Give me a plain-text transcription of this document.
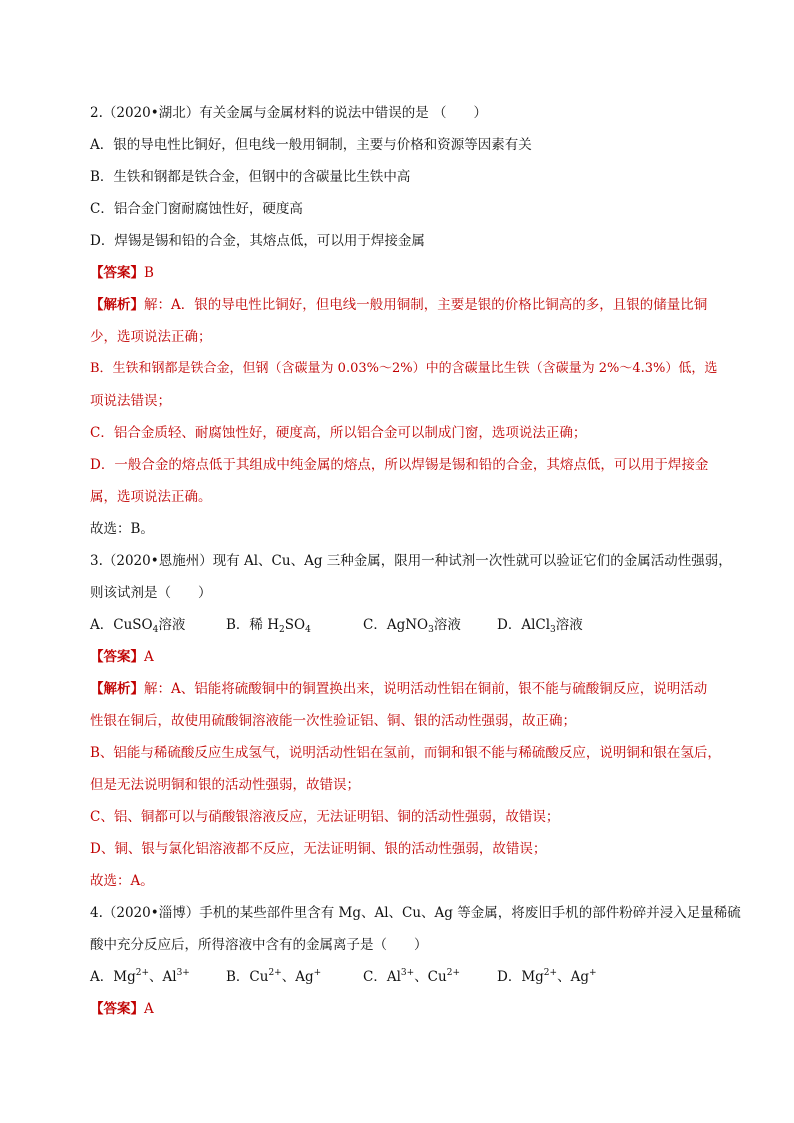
2.（2020•湖北）有关金属与金属材料的说法中错误的是 （　　）
A．银的导电性比铜好，但电线一般用铜制，主要与价格和资源等因素有关
B．生铁和钢都是铁合金，但钢中的含碳量比生铁中高
C．铝合金门窗耐腐蚀性好，硬度高
D．焊锡是锡和铅的合金，其熔点低，可以用于焊接金属
【答案】B
【解析】解：A．银的导电性比铜好，但电线一般用铜制，主要是银的价格比铜高的多，且银的储量比铜
少，选项说法正确；
B．生铁和钢都是铁合金，但钢（含碳量为 0.03%～2%）中的含碳量比生铁（含碳量为 2%～4.3%）低，选
项说法错误；
C．铝合金质轻、耐腐蚀性好，硬度高，所以铝合金可以制成门窗，选项说法正确；
D．一般合金的熔点低于其组成中纯金属的熔点，所以焊锡是锡和铅的合金，其熔点低，可以用于焊接金
属，选项说法正确。
故选：B。
3.（2020•恩施州）现有 Al、Cu、Ag 三种金属，限用一种试剂一次性就可以验证它们的金属活动性强弱，
则该试剂是（　　）
A．CuSO$_4$溶液	B．稀 $H_2SO_4$	C．AgNO$_3$溶液	D．AlCl$_3$溶液
【答案】A
【解析】解：A、铝能将硫酸铜中的铜置换出来，说明活动性铝在铜前，银不能与硫酸铜反应，说明活动
性银在铜后，故使用硫酸铜溶液能一次性验证铝、铜、银的活动性强弱，故正确；
B、铝能与稀硫酸反应生成氢气，说明活动性铝在氢前，而铜和银不能与稀硫酸反应，说明铜和银在氢后，
但是无法说明铜和银的活动性强弱，故错误；
C、铝、铜都可以与硝酸银溶液反应，无法证明铝、铜的活动性强弱，故错误；
D、铜、银与氯化铝溶液都不反应，无法证明铜、银的活动性强弱，故错误；
故选：A。
4.（2020•淄博）手机的某些部件里含有 Mg、Al、Cu、Ag 等金属，将废旧手机的部件粉碎并浸入足量稀硫
酸中充分反应后，所得溶液中含有的金属离子是（　　）
A．$Mg^{2+}$、$Al^{3+}$	B．$Cu^{2+}$、Ag+	C．$Al^{3+}$、$Cu^{2+}$	D．$Mg^{2+}$、Ag+
【答案】A
